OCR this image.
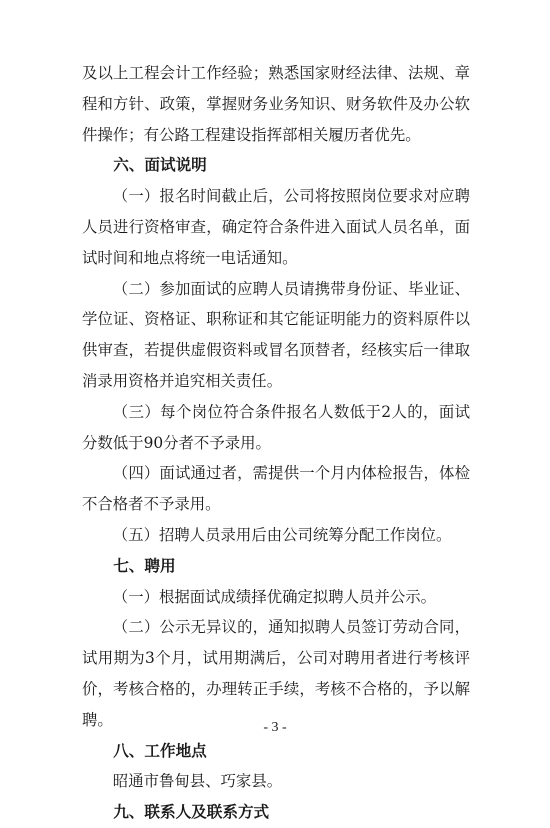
及以上工程会计工作经验；熟悉国家财经法律、法规、章程和方针、政策，掌握财务业务知识、财务软件及办公软件操作；有公路工程建设指挥部相关履历者优先。

六、面试说明

（一）报名时间截止后，公司将按照岗位要求对应聘人员进行资格审查，确定符合条件进入面试人员名单，面试时间和地点将统一电话通知。

（二）参加面试的应聘人员请携带身份证、毕业证、学位证、资格证、职称证和其它能证明能力的资料原件以供审查，若提供虚假资料或冒名顶替者，经核实后一律取消录用资格并追究相关责任。

（三）每个岗位符合条件报名人数低于2人的，面试分数低于90分者不予录用。

（四）面试通过者，需提供一个月内体检报告，体检不合格者不予录用。

（五）招聘人员录用后由公司统筹分配工作岗位。

七、聘用

（一）根据面试成绩择优确定拟聘人员并公示。

（二）公示无异议的，通知拟聘人员签订劳动合同，试用期为3个月，试用期满后，公司对聘用者进行考核评价，考核合格的，办理转正手续，考核不合格的，予以解聘。

八、工作地点

昭通市鲁甸县、巧家县。

九、联系人及联系方式

- 3 -
